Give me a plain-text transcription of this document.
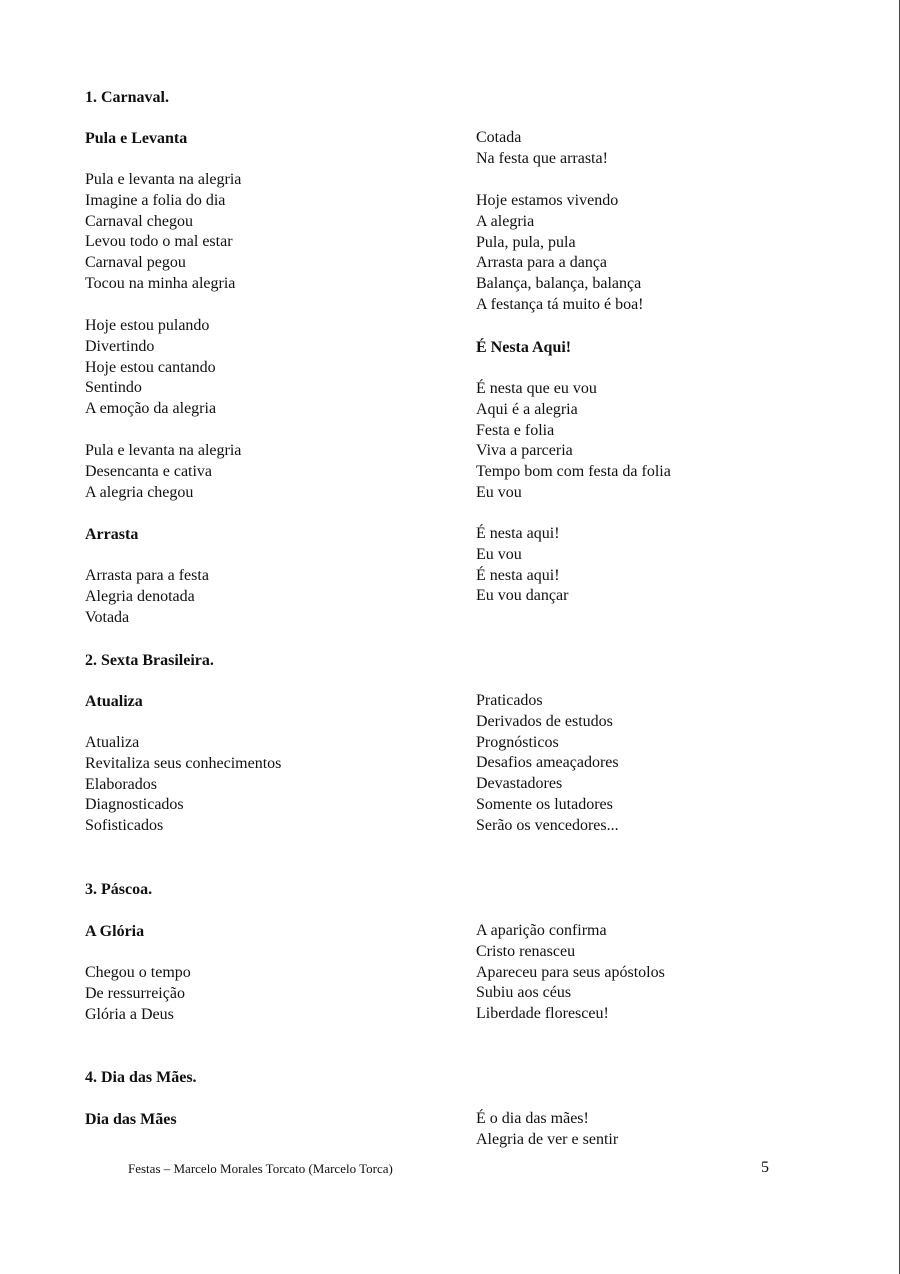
1. Carnaval.
Pula e Levanta
Pula e levanta na alegria
Imagine a folia do dia
Carnaval chegou
Levou todo o mal estar
Carnaval pegou
Tocou na minha alegria
Hoje estou pulando
Divertindo
Hoje estou cantando
Sentindo
A emoção da alegria
Pula e levanta na alegria
Desencanta e cativa
A alegria chegou
Arrasta
Arrasta para a festa
Alegria denotada
Votada
Cotada
Na festa que arrasta!
Hoje estamos vivendo
A alegria
Pula, pula, pula
Arrasta para a dança
Balança, balança, balança
A festança tá muito é boa!
É Nesta Aqui!
É nesta que eu vou
Aqui é a alegria
Festa e folia
Viva a parceria
Tempo bom com festa da folia
Eu vou
É nesta aqui!
Eu vou
É nesta aqui!
Eu vou dançar
2. Sexta Brasileira.
Atualiza
Atualiza
Revitaliza seus conhecimentos
Elaborados
Diagnosticados
Sofisticados
Praticados
Derivados de estudos
Prognósticos
Desafios ameaçadores
Devastadores
Somente os lutadores
Serão os vencedores...
3. Páscoa.
A Glória
Chegou o tempo
De ressurreição
Glória a Deus
A aparição confirma
Cristo renasceu
Apareceu para seus apóstolos
Subiu aos céus
Liberdade floresceu!
4. Dia das Mães.
Dia das Mães	É o dia das mães!
Alegria de ver e sentir
Festas – Marcelo Morales Torcato (Marcelo Torca)	5
